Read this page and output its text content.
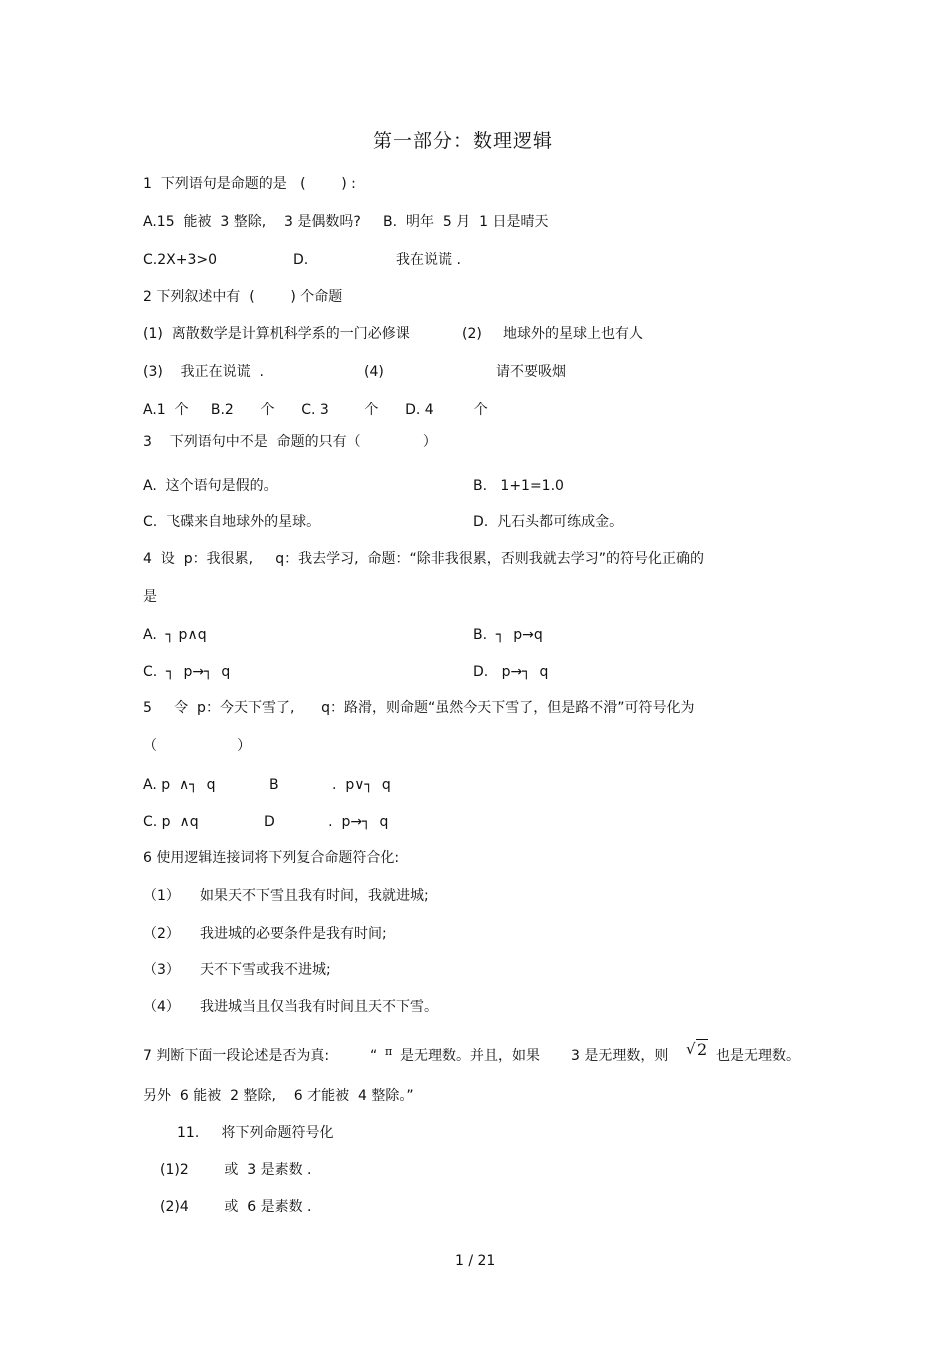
第一部分：数理逻辑
1  下列语句是命题的是   (        ) :
A.15  能被  3 整除,    3 是偶数吗?     B.  明年  5 月  1 日是晴天
C.2X+3>0	D.	我在说谎 .
2 下列叙述中有  (        ) 个命题
(1)  离散数学是计算机科学系的一门必修课	(2) 地球外的星球上也有人
(3)    我正在说谎  .	(4)	请不要吸烟
A.1  个     B.2      个      C. 3        个      D. 4         个
3    下列语句中不是  命题的只有（              ）
A.  这个语句是假的。	B.   1+1=1.0
C.  飞碟来自地球外的星球。	D.  凡石头都可练成金。
4  设  p：我很累,     q：我去学习,  命题：“除非我很累，否则我就去学习”的符号化正确的
是
A.  ┐ p∧q	B.  ┐  p→q
C.  ┐  p→┐  q	D.   p→┐  q
5     令  p：今天下雪了,      q：路滑，则命题“虽然今天下雪了，但是路不滑”可符号化为
（                  ）
A. p  ∧┐  q	B            .  p∨┐  q
C. p  ∧q	D            .  p→┐  q
6 使用逻辑连接词将下列复合命题符合化:
（1） 如果天不下雪且我有时间，我就进城;
（2） 我进城的必要条件是我有时间;
（3） 天不下雪或我不进城;
（4） 我进城当且仅当我有时间且天不下雪。
7 判断下面一段论述是否为真:	“ $^\pi$ 是无理数。并且，如果 3 是无理数，则
√	2 也是无理数。
另外  6 能被  2 整除,    6 才能被  4 整除。”
11.     将下列命题符号化
(1)2        或  3 是素数 .
(2)4        或  6 是素数 .
1 / 21
